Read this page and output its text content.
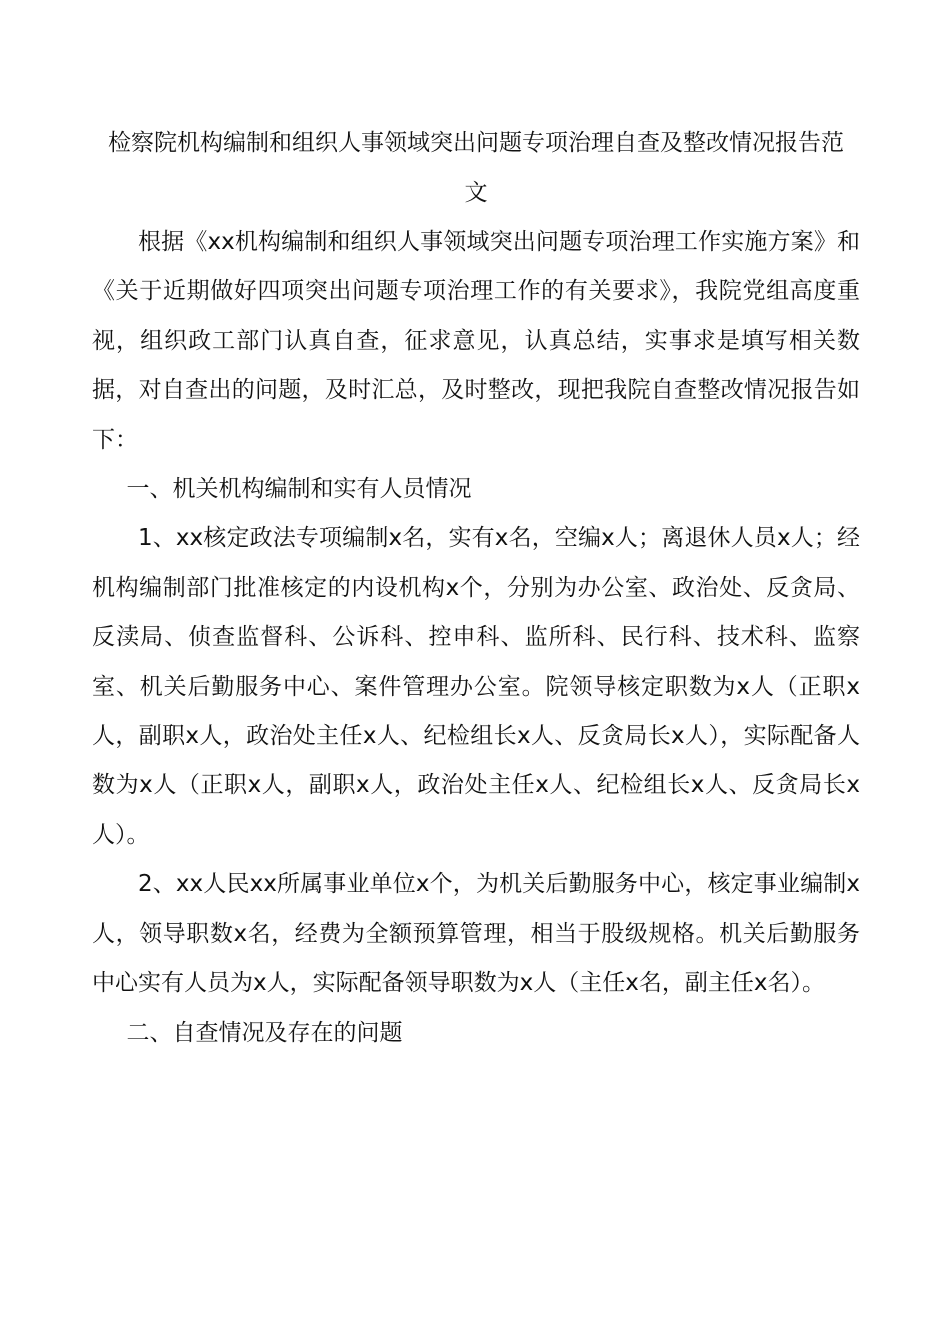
检察院机构编制和组织人事领域突出问题专项治理自查及整改情况报告范
文

根据《xx机构编制和组织人事领域突出问题专项治理工作实施方案》和《关于近期做好四项突出问题专项治理工作的有关要求》，我院党组高度重视，组织政工部门认真自查，征求意见，认真总结，实事求是填写相关数据，对自查出的问题，及时汇总，及时整改，现把我院自查整改情况报告如下：

一、机关机构编制和实有人员情况

1、xx核定政法专项编制x名，实有x名，空编x人；离退休人员x人；经机构编制部门批准核定的内设机构x个，分别为办公室、政治处、反贪局、反渎局、侦查监督科、公诉科、控申科、监所科、民行科、技术科、监察室、机关后勤服务中心、案件管理办公室。院领导核定职数为x人（正职x人，副职x人，政治处主任x人、纪检组长x人、反贪局长x人），实际配备人数为x人（正职x人，副职x人，政治处主任x人、纪检组长x人、反贪局长x人）。

2、xx人民xx所属事业单位x个，为机关后勤服务中心，核定事业编制x人，领导职数x名，经费为全额预算管理，相当于股级规格。机关后勤服务中心实有人员为x人，实际配备领导职数为x人（主任x名，副主任x名）。

二、自查情况及存在的问题
